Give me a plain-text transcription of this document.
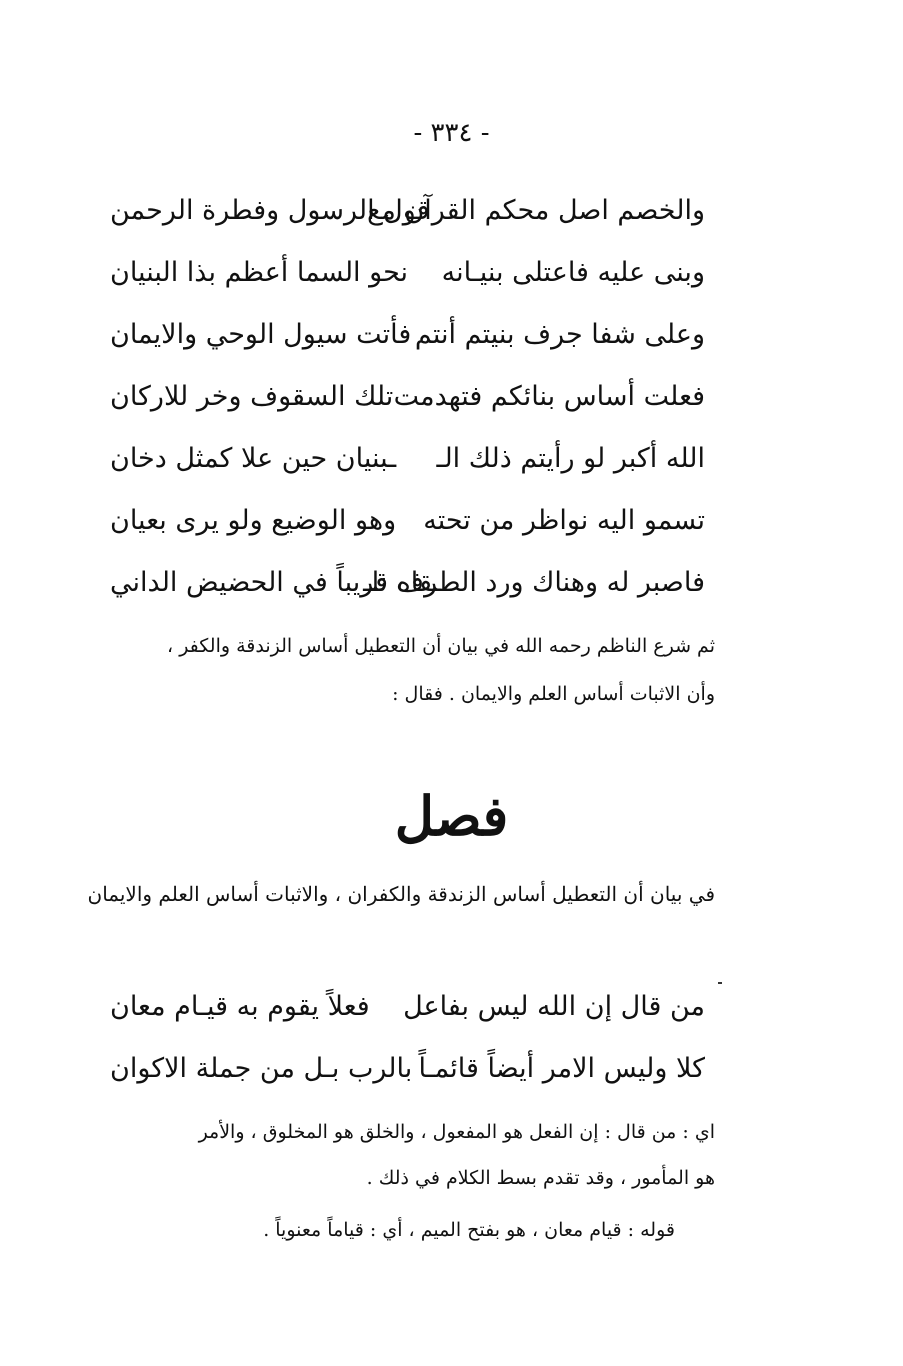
- ٣٣٤ -
والخصم اصل محكم القرآن مع
قول الرسول وفطرة الرحمن
وبنى عليه فاعتلى بنيـانه
نحو السما أعظم بذا البنيان
وعلى شفا جرف بنيتم أنتم
فأتت سيول الوحي والايمان
فعلت أساس بنائكم فتهدمت
تلك السقوف وخر للاركان
الله أكبر لو رأيتم ذلك الـ
ـبنيان حين علا كمثل دخان
تسمو اليه نواظر من تحته
وهو الوضيع ولو يرى بعيان
فاصبر له وهناك ورد الطرف نلـ
ـقاه قريباً في الحضيض الداني
ثم شرع الناظم رحمه الله في بيان أن التعطيل أساس الزندقة والكفر ،
وأن الاثبات أساس العلم والايمان . فقال :
فصل
في بيان أن التعطيل أساس الزندقة والكفران ، والاثبات أساس العلم والايمان
من قال إن الله ليس بفاعل
فعلاً يقوم به قيـام معان
كلا وليس الامر أيضاً قائمـاً
بالرب بـل من جملة الاكوان
اي : من قال : إن الفعل هو المفعول ، والخلق هو المخلوق ، والأمر
هو المأمور ، وقد تقدم بسط الكلام في ذلك .
قوله : قيام معان ، هو بفتح الميم ، أي : قياماً معنوياً .
